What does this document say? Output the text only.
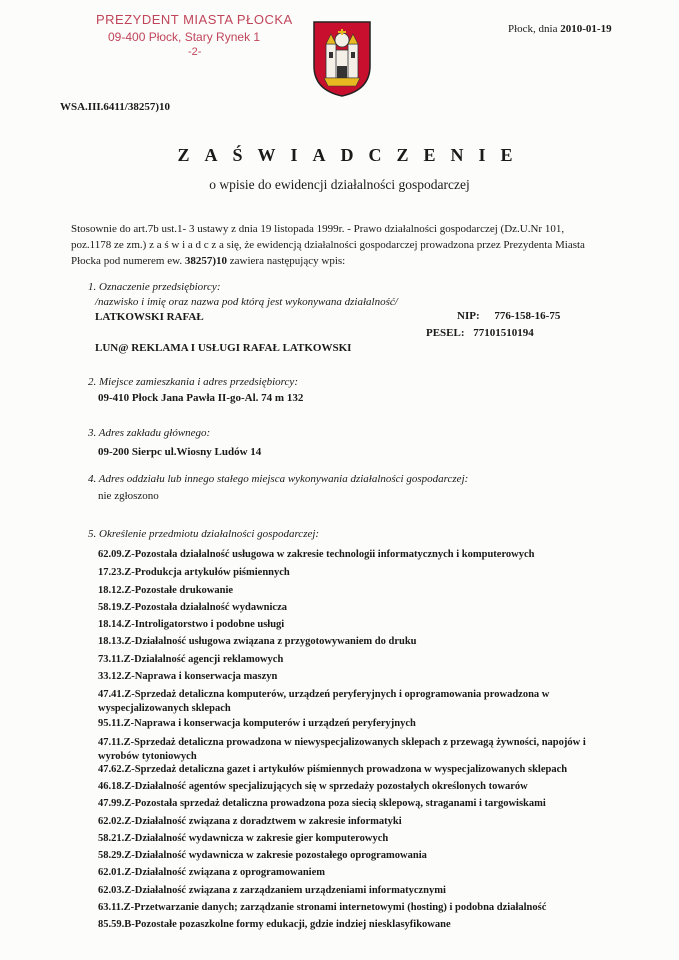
PREZYDENT MIASTA PŁOCKA
09-400 Płock, Stary Rynek 1
-2-
Płock, dnia 2010-01-19
WSA.III.6411/38257)10
ZAŚWIADCZENIE
o wpisie do ewidencji działalności gospodarczej
Stosownie do art.7b ust.1- 3 ustawy z dnia 19 listopada 1999r. - Prawo działalności gospodarczej (Dz.U.Nr 101,
poz.1178 ze zm.) z a ś w i a d c z a się, że ewidencją działalności gospodarczej prowadzona przez Prezydenta Miasta
Płocka pod numerem ew. 38257)10 zawiera następujący wpis:
1. Oznaczenie przedsiębiorcy:
/nazwisko i imię oraz nazwa pod którą jest wykonywana działalność/
LATKOWSKI RAFAŁ	NIP: 776-158-16-75
PESEL: 77101510194
LUN@ REKLAMA I USŁUGI RAFAŁ LATKOWSKI
2. Miejsce zamieszkania i adres przedsiębiorcy:
09-410 Płock Jana Pawła II-go-Al. 74 m 132
3. Adres zakładu głównego:
09-200 Sierpc ul.Wiosny Ludów 14
4. Adres oddziału lub innego stałego miejsca wykonywania działalności gospodarczej:
nie zgłoszono
5. Określenie przedmiotu działalności gospodarczej:
62.09.Z-Pozostała działalność usługowa w zakresie technologii informatycznych i komputerowych
17.23.Z-Produkcja artykułów piśmiennych
18.12.Z-Pozostałe drukowanie
58.19.Z-Pozostała działalność wydawnicza
18.14.Z-Introligatorstwo i podobne usługi
18.13.Z-Działalność usługowa związana z przygotowywaniem do druku
73.11.Z-Działalność agencji reklamowych
33.12.Z-Naprawa i konserwacja maszyn
47.41.Z-Sprzedaż detaliczna komputerów, urządzeń peryferyjnych i oprogramowania prowadzona w wyspecjalizowanych sklepach
95.11.Z-Naprawa i konserwacja komputerów i urządzeń peryferyjnych
47.11.Z-Sprzedaż detaliczna prowadzona w niewyspecjalizowanych sklepach z przewagą żywności, napojów i wyrobów tytoniowych
47.62.Z-Sprzedaż detaliczna gazet i artykułów piśmiennych prowadzona w wyspecjalizowanych sklepach
46.18.Z-Działalność agentów specjalizujących się w sprzedaży pozostałych określonych towarów
47.99.Z-Pozostała sprzedaż detaliczna prowadzona poza siecią sklepową, straganami i targowiskami
62.02.Z-Działalność związana z doradztwem w zakresie informatyki
58.21.Z-Działalność wydawnicza w zakresie gier komputerowych
58.29.Z-Działalność wydawnicza w zakresie pozostałego oprogramowania
62.01.Z-Działalność związana z oprogramowaniem
62.03.Z-Działalność związana z zarządzaniem urządzeniami informatycznymi
63.11.Z-Przetwarzanie danych; zarządzanie stronami internetowymi (hosting) i podobna działalność
85.59.B-Pozostałe pozaszkolne formy edukacji, gdzie indziej niesklasyfikowane
